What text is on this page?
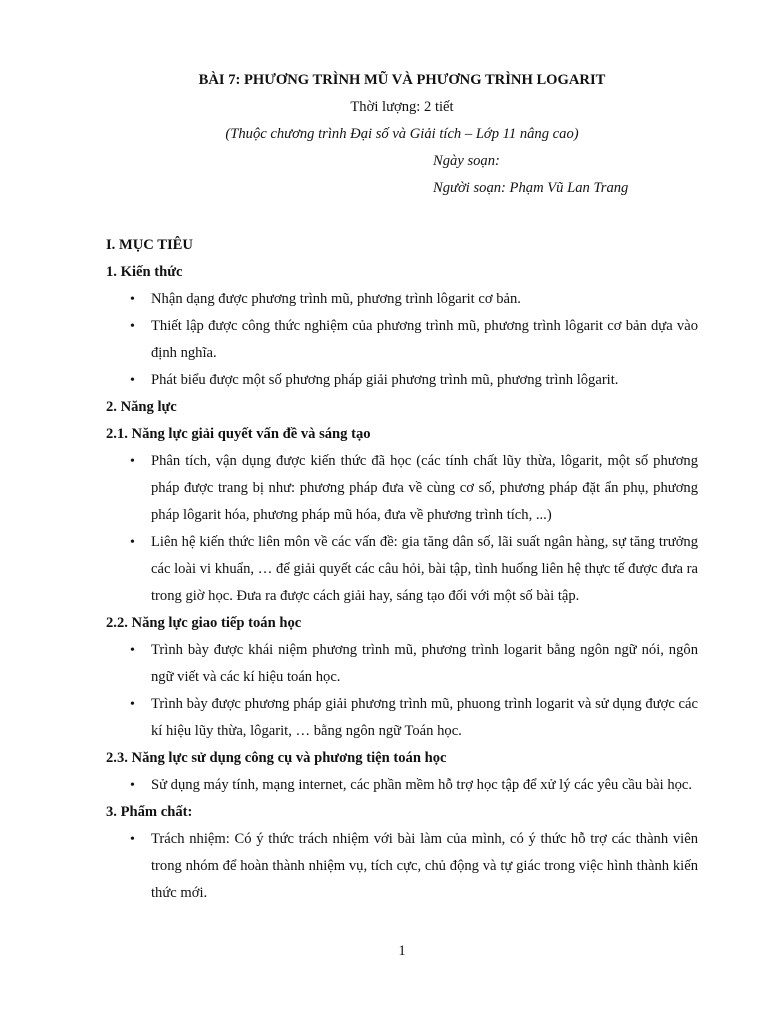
BÀI 7: PHƯƠNG TRÌNH MŨ VÀ PHƯƠNG TRÌNH LOGARIT
Thời lượng: 2 tiết
(Thuộc chương trình Đại số và Giải tích – Lớp 11 nâng cao)
Ngày soạn:
Người soạn: Phạm Vũ Lan Trang

I. MỤC TIÊU

1. Kiến thức

• Nhận dạng được phương trình mũ, phương trình lôgarit cơ bản.
• Thiết lập được công thức nghiệm của phương trình mũ, phương trình lôgarit cơ bản dựa vào định nghĩa.
• Phát biểu được một số phương pháp giải phương trình mũ, phương trình lôgarit.

2. Năng lực

2.1. Năng lực giải quyết vấn đề và sáng tạo

• Phân tích, vận dụng được kiến thức đã học (các tính chất lũy thừa, lôgarit, một số phương pháp được trang bị như: phương pháp đưa về cùng cơ số, phương pháp đặt ẩn phụ, phương pháp lôgarit hóa, phương pháp mũ hóa, đưa về phương trình tích, ...)
• Liên hệ kiến thức liên môn về các vấn đề: gia tăng dân số, lãi suất ngân hàng, sự tăng trưởng các loài vi khuẩn, … để giải quyết các câu hỏi, bài tập, tình huống liên hệ thực tế được đưa ra trong giờ học. Đưa ra được cách giải hay, sáng tạo đối với một số bài tập.

2.2. Năng lực giao tiếp toán học

• Trình bày được khái niệm phương trình mũ, phương trình logarit bằng ngôn ngữ nói, ngôn ngữ viết và các kí hiệu toán học.
• Trình bày được phương pháp giải phương trình mũ, phuong trình logarit và sử dụng được các kí hiệu lũy thừa, lôgarit, … bằng ngôn ngữ Toán học.

2.3. Năng lực sử dụng công cụ và phương tiện toán học

• Sử dụng máy tính, mạng internet, các phần mềm hỗ trợ học tập để xử lý các yêu cầu bài học.

3. Phẩm chất:

• Trách nhiệm: Có ý thức trách nhiệm với bài làm của mình, có ý thức hỗ trợ các thành viên trong nhóm để hoàn thành nhiệm vụ, tích cực, chủ động và tự giác trong việc hình thành kiến thức mới.
1
